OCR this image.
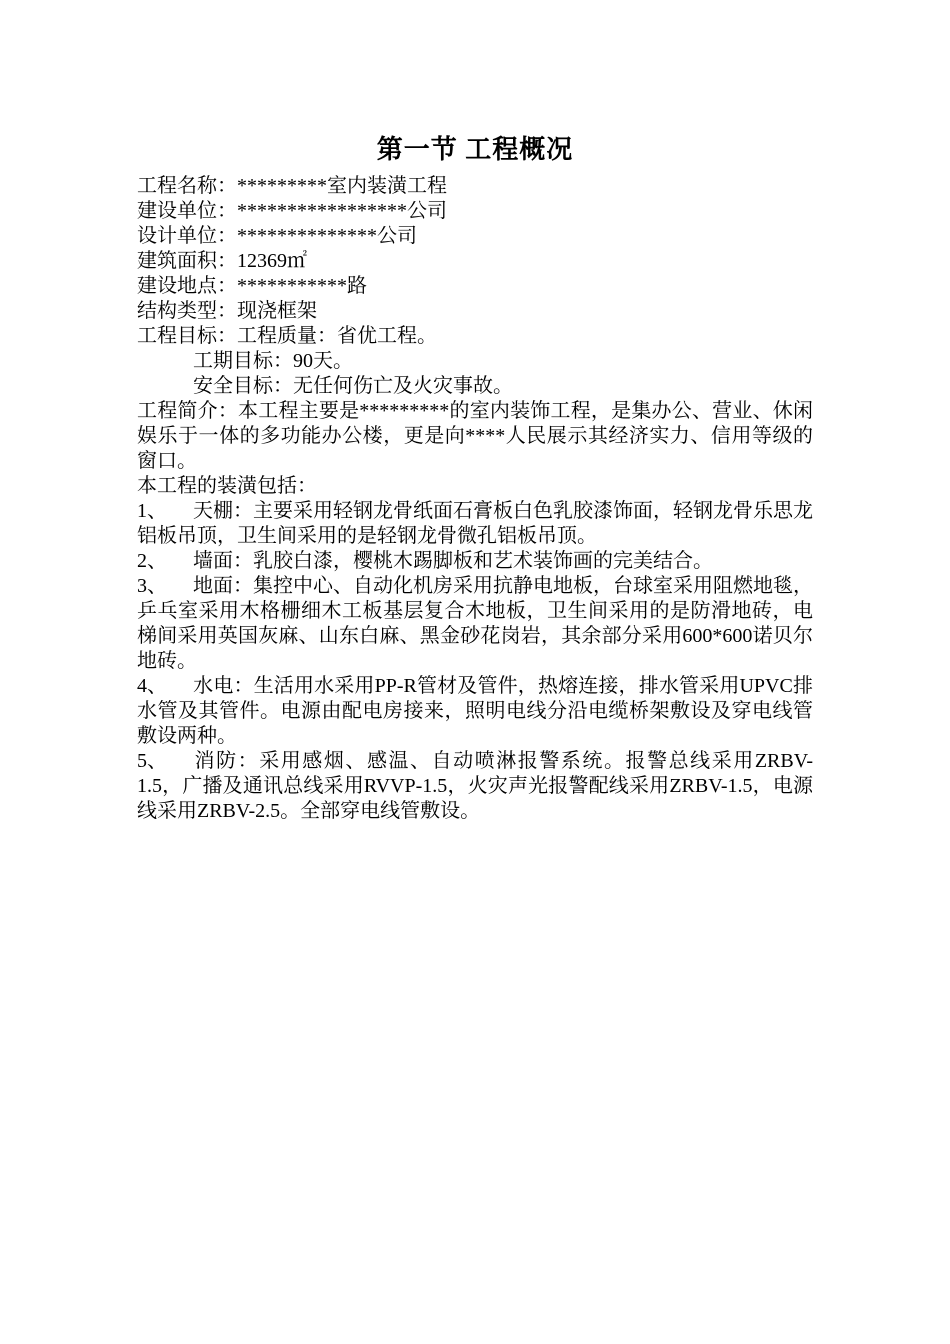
第一节 工程概况
工程名称：*********室内装潢工程
建设单位：*****************公司
设计单位：**************公司
建筑面积：12369㎡
建设地点：***********路
结构类型：现浇框架
工程目标：工程质量：省优工程。
工期目标：90天。
安全目标：无任何伤亡及火灾事故。
工程简介：本工程主要是*********的室内装饰工程，是集办公、营业、休闲娱乐于一体的多功能办公楼，更是向****人民展示其经济实力、信用等级的窗口。
本工程的装潢包括：
1、 天棚：主要采用轻钢龙骨纸面石膏板白色乳胶漆饰面，轻钢龙骨乐思龙铝板吊顶，卫生间采用的是轻钢龙骨微孔铝板吊顶。
2、 墙面：乳胶白漆，樱桃木踢脚板和艺术装饰画的完美结合。
3、 地面：集控中心、自动化机房采用抗静电地板，台球室采用阻燃地毯，乒乓室采用木格栅细木工板基层复合木地板，卫生间采用的是防滑地砖，电梯间采用英国灰麻、山东白麻、黑金砂花岗岩，其余部分采用600*600诺贝尔地砖。
4、 水电：生活用水采用PP-R管材及管件，热熔连接，排水管采用UPVC排水管及其管件。电源由配电房接来，照明电线分沿电缆桥架敷设及穿电线管敷设两种。
5、 消防：采用感烟、感温、自动喷淋报警系统。报警总线采用ZRBV-1.5，广播及通讯总线采用RVVP-1.5，火灾声光报警配线采用ZRBV-1.5，电源线采用ZRBV-2.5。全部穿电线管敷设。
